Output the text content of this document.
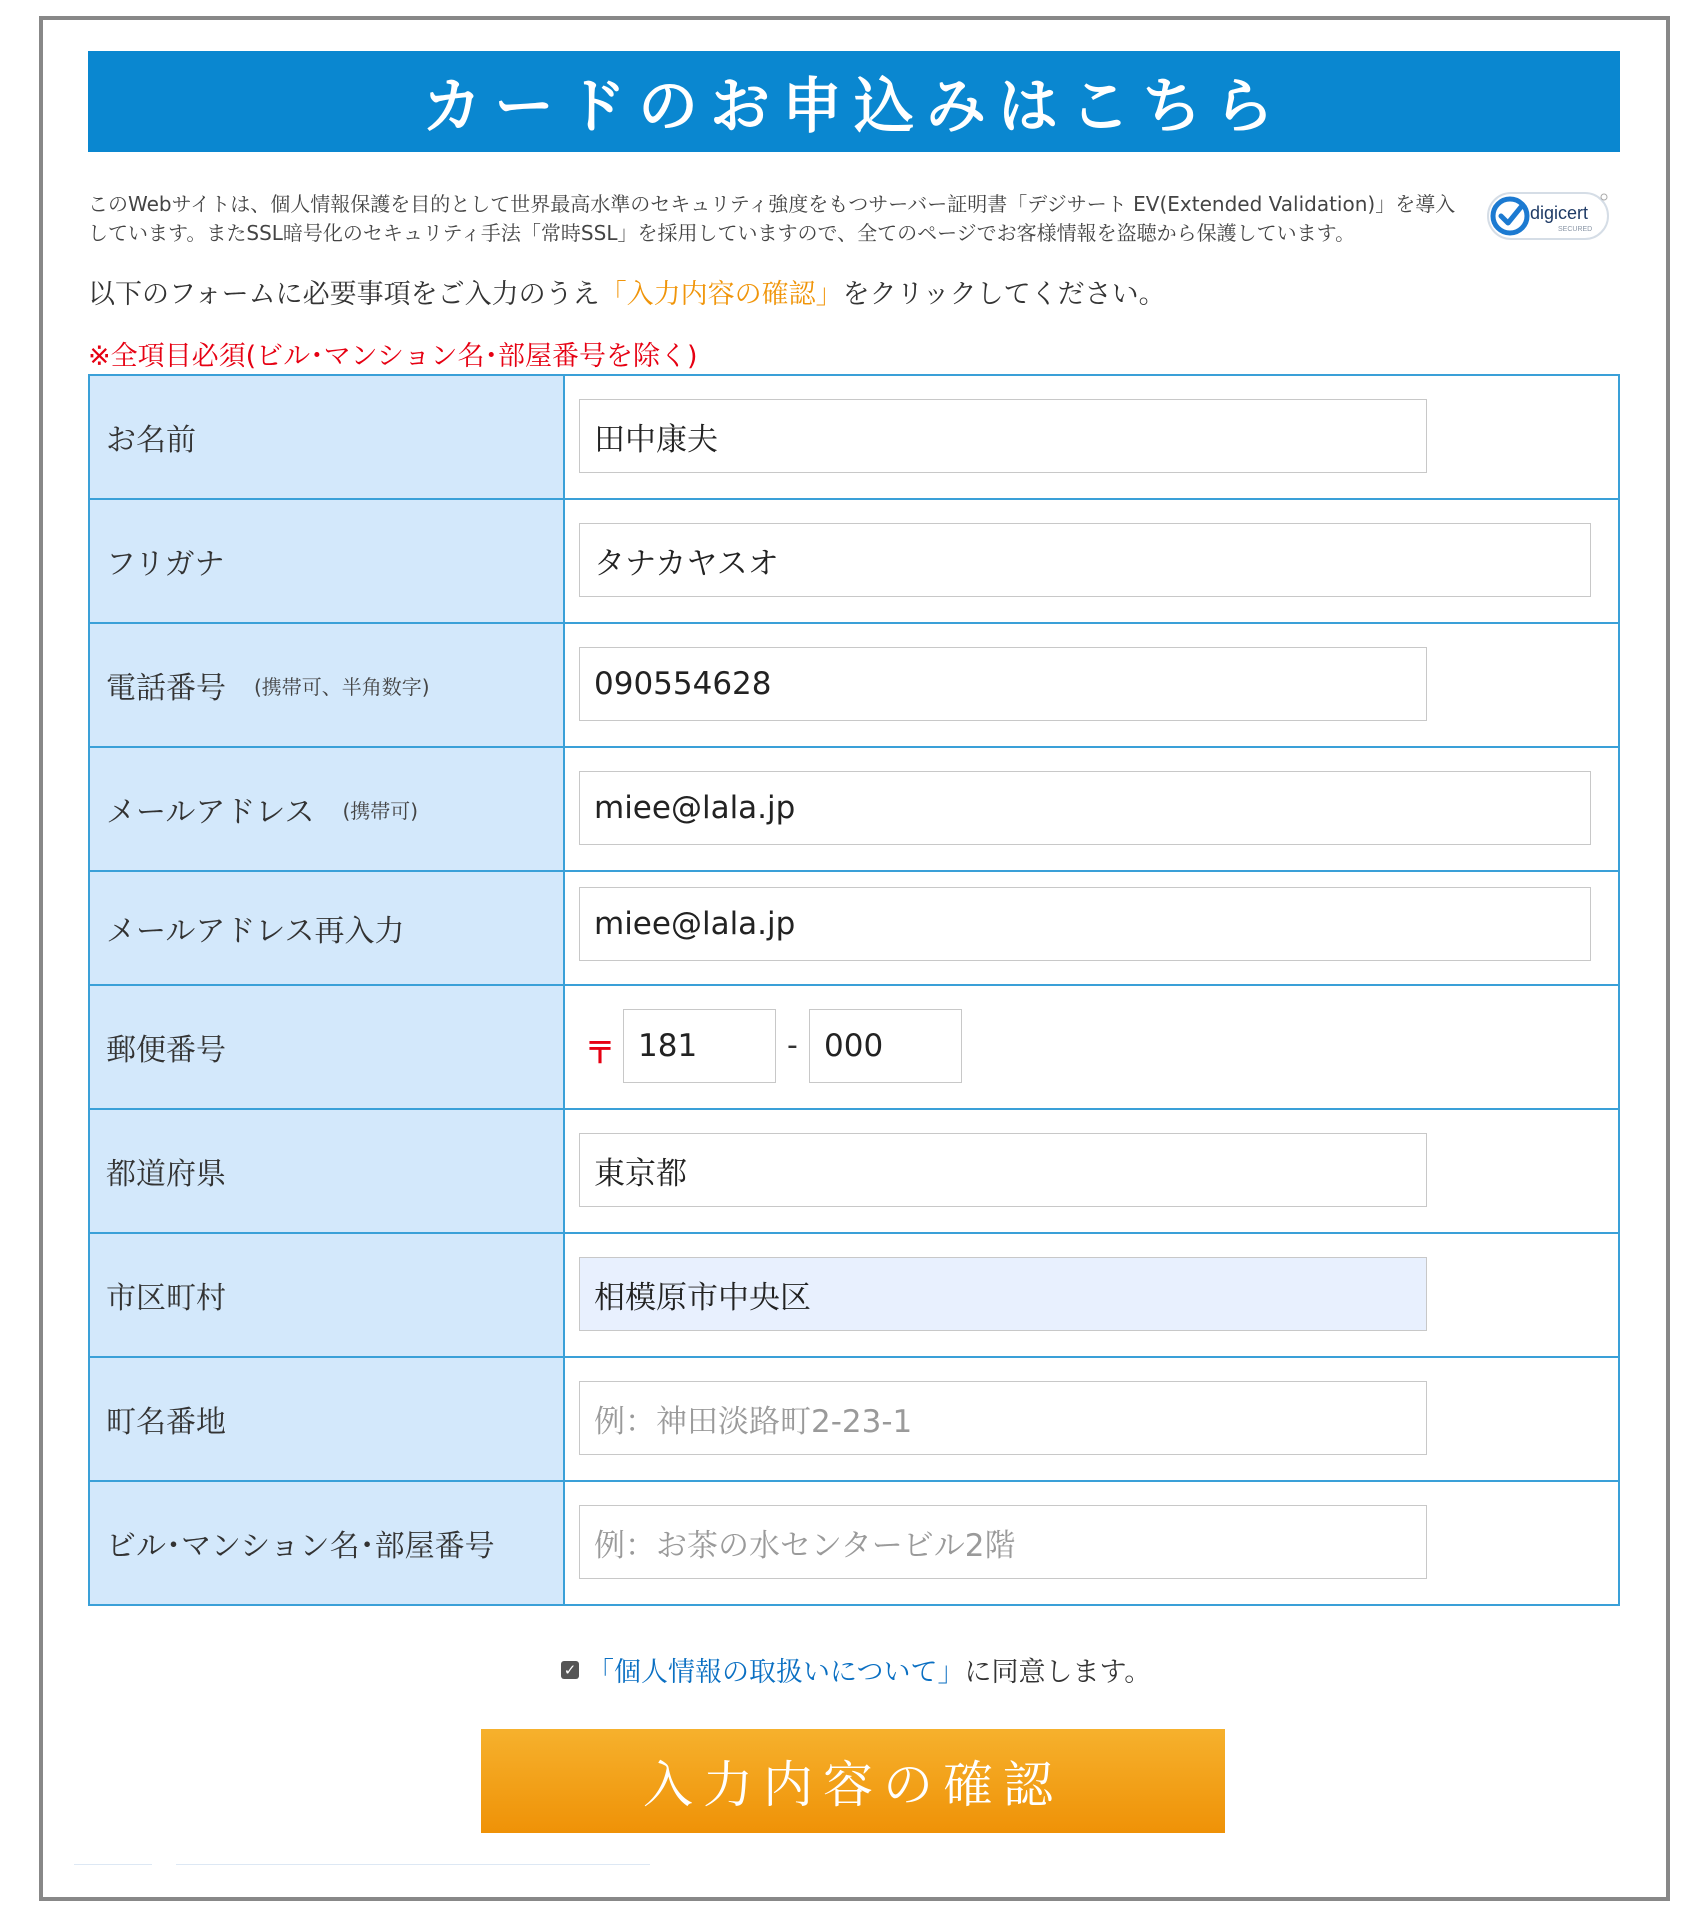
カードのお申込みはこちら
このWebサイトは、個人情報保護を目的として世界最高水準のセキュリティ強度をもつサーバー証明書「デジサート EV(Extended Validation)」を導入しています。またSSL暗号化のセキュリティ手法「常時SSL」を採用していますので、全てのページでお客様情報を盗聴から保護しています。
digicert
SECURED
以下のフォームに必要事項をご入力のうえ「入力内容の確認」をクリックしてください。
※全項目必須(ビル･マンション名･部屋番号を除く)
お名前	田中康夫
フリガナ	タナカヤスオ
電話番号 (携帯可、半角数字)	090554628
メールアドレス (携帯可)	miee@lala.jp
メールアドレス再入力	miee@lala.jp
郵便番号	〒 181	- 000
都道府県	東京都
市区町村	相模原市中央区
町名番地	例：神田淡路町2-23-1
ビル･マンション名･部屋番号	例：お茶の水センタービル2階
✓ 「個人情報の取扱いについて」 に同意します。
入力内容の確認
